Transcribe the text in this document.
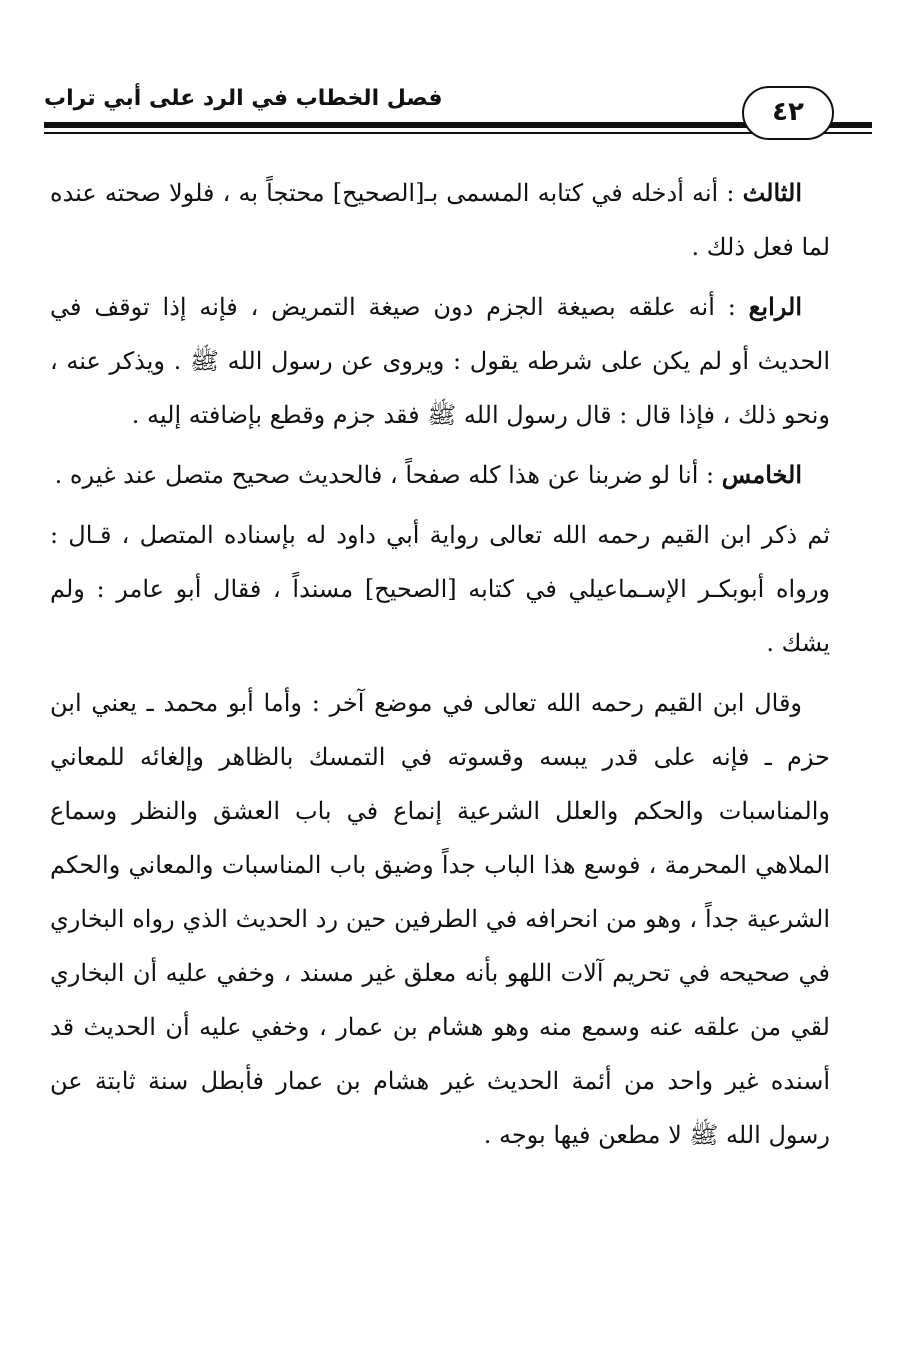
فصل الخطاب في الرد على أبي تراب	٤٢

الثالث : أنه أدخله في كتابه المسمى بـ[الصحيح] محتجاً به ، فلولا صحته عنده لما فعل ذلك .

الرابع : أنه علقه بصيغة الجزم دون صيغة التمريض ، فإنه إذا توقف في الحديث أو لم يكن على شرطه يقول : ويروى عن رسول الله ﷺ . ويذكر عنه ، ونحو ذلك ، فإذا قال : قال رسول الله ﷺ فقد جزم وقطع بإضافته إليه .

الخامس : أنا لو ضربنا عن هذا كله صفحاً ، فالحديث صحيح متصل عند غيره .

ثم ذكر ابن القيم رحمه الله تعالى رواية أبي داود له بإسناده المتصل ، قـال : ورواه أبوبكـر الإسـماعيلي في كتابه [الصحيح] مسنداً ، فقال أبو عامر : ولم يشك .

وقال ابن القيم رحمه الله تعالى في موضع آخر : وأما أبو محمد ـ يعني ابن حزم ـ فإنه على قدر يبسه وقسوته في التمسك بالظاهر وإلغائه للمعاني والمناسبات والحكم والعلل الشرعية إنماع في باب العشق والنظر وسماع الملاهي المحرمة ، فوسع هذا الباب جداً وضيق باب المناسبات والمعاني والحكم الشرعية جداً ، وهو من انحرافه في الطرفين حين رد الحديث الذي رواه البخاري في صحيحه في تحريم آلات اللهو بأنه معلق غير مسند ، وخفي عليه أن البخاري لقي من علقه عنه وسمع منه وهو هشام بن عمار ، وخفي عليه أن الحديث قد أسنده غير واحد من أئمة الحديث غير هشام بن عمار فأبطل سنة ثابتة عن رسول الله ﷺ لا مطعن فيها بوجه .
